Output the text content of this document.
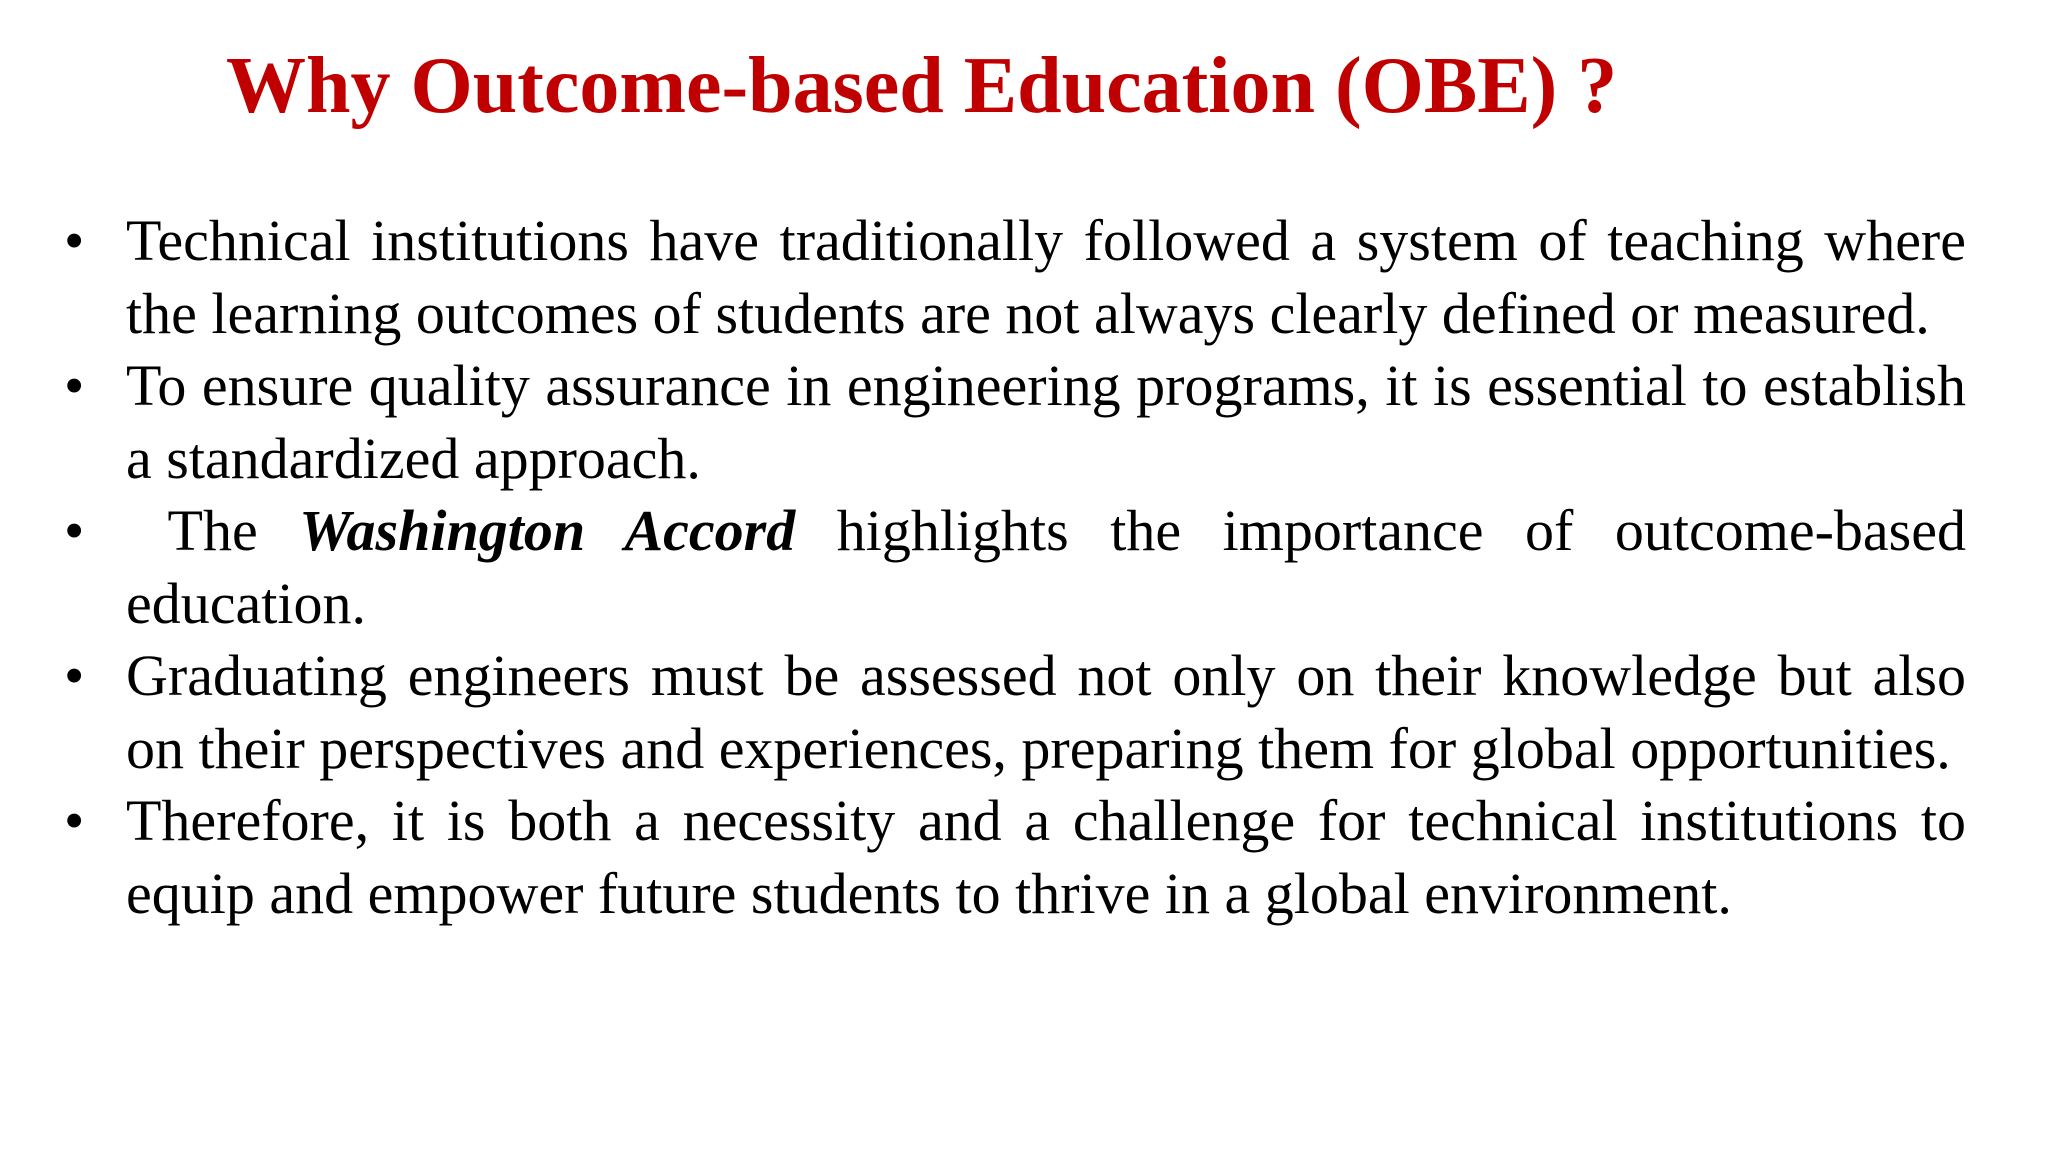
Why Outcome-based Education (OBE) ?
• Technical institutions have traditionally followed a system of teaching where the learning outcomes of students are not always clearly defined or measured.
• To ensure quality assurance in engineering programs, it is essential to establish a standardized approach.
• The Washington Accord highlights the importance of outcome-based education.
• Graduating engineers must be assessed not only on their knowledge but also on their perspectives and experiences, preparing them for global opportunities.
• Therefore, it is both a necessity and a challenge for technical institutions to equip and empower future students to thrive in a global environment.
